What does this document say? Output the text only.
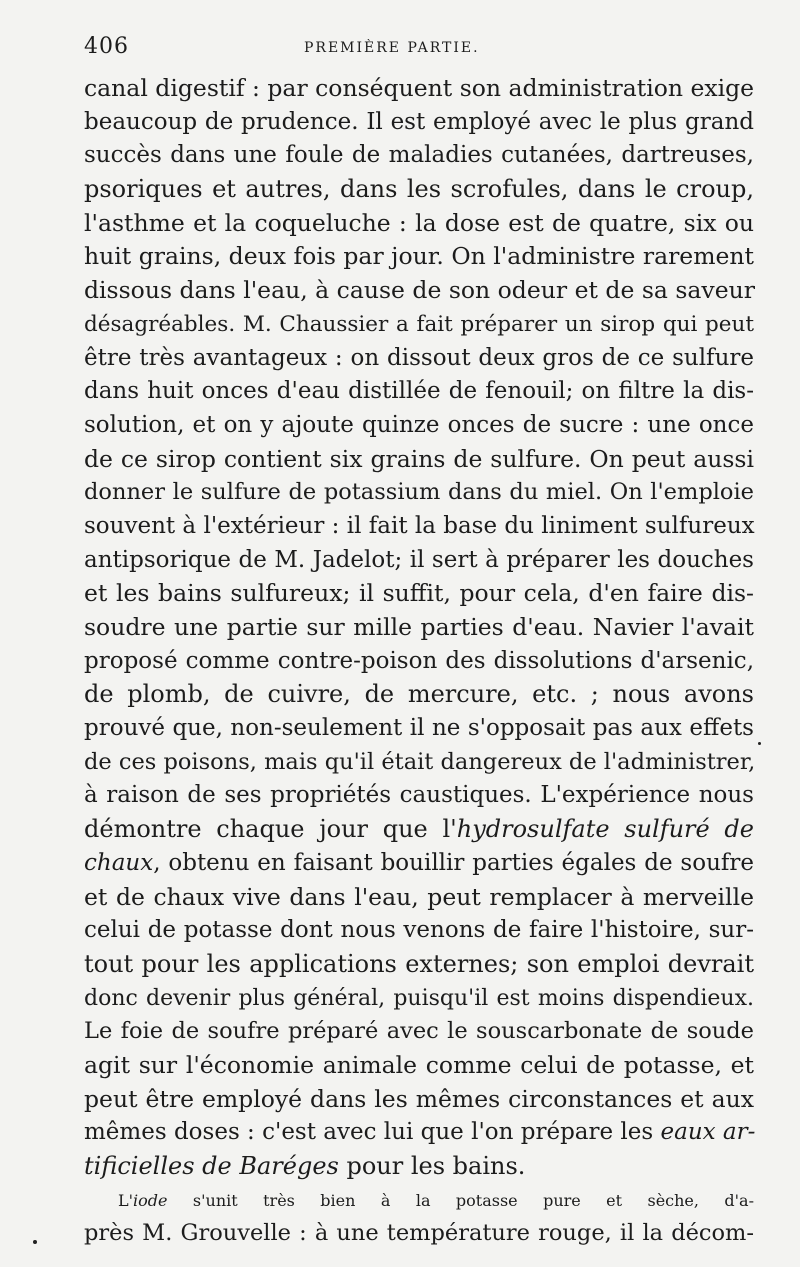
406	PREMIÈRE PARTIE.
canal digestif : par conséquent son administration exige
beaucoup de prudence. Il est employé avec le plus grand
succès dans une foule de maladies cutanées, dartreuses,
psoriques et autres, dans les scrofules, dans le croup,
l'asthme et la coqueluche : la dose est de quatre, six ou
huit grains, deux fois par jour. On l'administre rarement
dissous dans l'eau, à cause de son odeur et de sa saveur
désagréables. M. Chaussier a fait préparer un sirop qui peut
être très avantageux : on dissout deux gros de ce sulfure
dans huit onces d'eau distillée de fenouil; on filtre la dis-
solution, et on y ajoute quinze onces de sucre : une once
de ce sirop contient six grains de sulfure. On peut aussi
donner le sulfure de potassium dans du miel. On l'emploie
souvent à l'extérieur : il fait la base du liniment sulfureux
antipsorique de M. Jadelot; il sert à préparer les douches
et les bains sulfureux; il suffit, pour cela, d'en faire dis-
soudre une partie sur mille parties d'eau. Navier l'avait
proposé comme contre-poison des dissolutions d'arsenic,
de plomb, de cuivre, de mercure, etc. ; nous avons
prouvé que, non-seulement il ne s'opposait pas aux effets
de ces poisons, mais qu'il était dangereux de l'administrer,
à raison de ses propriétés caustiques. L'expérience nous
démontre chaque jour que l'hydrosulfate sulfuré de
chaux, obtenu en faisant bouillir parties égales de soufre
et de chaux vive dans l'eau, peut remplacer à merveille
celui de potasse dont nous venons de faire l'histoire, sur-
tout pour les applications externes; son emploi devrait
donc devenir plus général, puisqu'il est moins dispendieux.
Le foie de soufre préparé avec le souscarbonate de soude
agit sur l'économie animale comme celui de potasse, et
peut être employé dans les mêmes circonstances et aux
mêmes doses : c'est avec lui que l'on prépare les eaux ar-
tificielles de Baréges pour les bains.
L'iode s'unit très bien à la potasse pure et sèche, d'a-
près M. Grouvelle : à une température rouge, il la décom-
